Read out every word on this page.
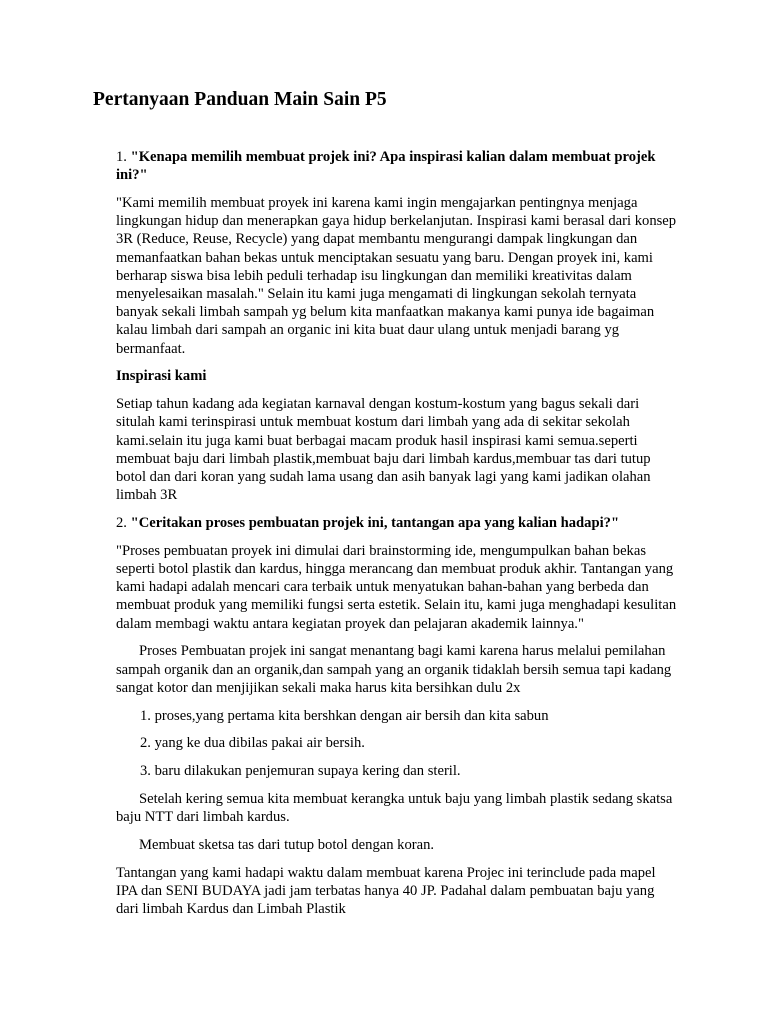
Pertanyaan Panduan Main Sain P5

1. "Kenapa memilih membuat projek ini? Apa inspirasi kalian dalam membuat projek ini?"

"Kami memilih membuat proyek ini karena kami ingin mengajarkan pentingnya menjaga lingkungan hidup dan menerapkan gaya hidup berkelanjutan. Inspirasi kami berasal dari konsep 3R (Reduce, Reuse, Recycle) yang dapat membantu mengurangi dampak lingkungan dan memanfaatkan bahan bekas untuk menciptakan sesuatu yang baru. Dengan proyek ini, kami berharap siswa bisa lebih peduli terhadap isu lingkungan dan memiliki kreativitas dalam menyelesaikan masalah." Selain itu kami juga mengamati di lingkungan sekolah ternyata banyak sekali limbah sampah yg belum kita manfaatkan makanya kami punya ide bagaiman kalau limbah dari sampah an organic ini kita buat daur ulang untuk menjadi barang yg bermanfaat.

Inspirasi kami

Setiap tahun kadang ada kegiatan karnaval dengan kostum-kostum yang bagus sekali dari situlah kami terinspirasi untuk membuat kostum dari limbah yang ada di sekitar sekolah kami.selain itu juga kami buat berbagai macam produk hasil inspirasi kami semua.seperti membuat baju dari limbah plastik,membuat baju dari limbah kardus,membuar tas dari tutup botol dan dari koran yang sudah lama usang dan asih banyak lagi yang kami jadikan olahan limbah 3R

2. "Ceritakan proses pembuatan projek ini, tantangan apa yang kalian hadapi?"

"Proses pembuatan proyek ini dimulai dari brainstorming ide, mengumpulkan bahan bekas seperti botol plastik dan kardus, hingga merancang dan membuat produk akhir. Tantangan yang kami hadapi adalah mencari cara terbaik untuk menyatukan bahan-bahan yang berbeda dan membuat produk yang memiliki fungsi serta estetik. Selain itu, kami juga menghadapi kesulitan dalam membagi waktu antara kegiatan proyek dan pelajaran akademik lainnya."

Proses Pembuatan projek ini sangat menantang bagi kami karena harus melalui pemilahan sampah organik dan an organik,dan sampah yang an organik tidaklah bersih semua tapi kadang sangat kotor dan menjijikan sekali maka harus kita bersihkan dulu 2x

1. proses,yang pertama kita bershkan dengan air bersih dan kita sabun

2. yang ke dua dibilas pakai air bersih.

3. baru dilakukan penjemuran supaya kering dan steril.

Setelah kering semua kita membuat kerangka untuk baju yang limbah plastik sedang skatsa baju NTT dari limbah kardus.

Membuat sketsa tas dari tutup botol dengan koran.

Tantangan yang kami hadapi waktu dalam membuat karena Projec ini terinclude pada mapel IPA dan SENI BUDAYA jadi jam terbatas hanya 40 JP. Padahal dalam pembuatan baju yang dari limbah Kardus dan Limbah Plastik
